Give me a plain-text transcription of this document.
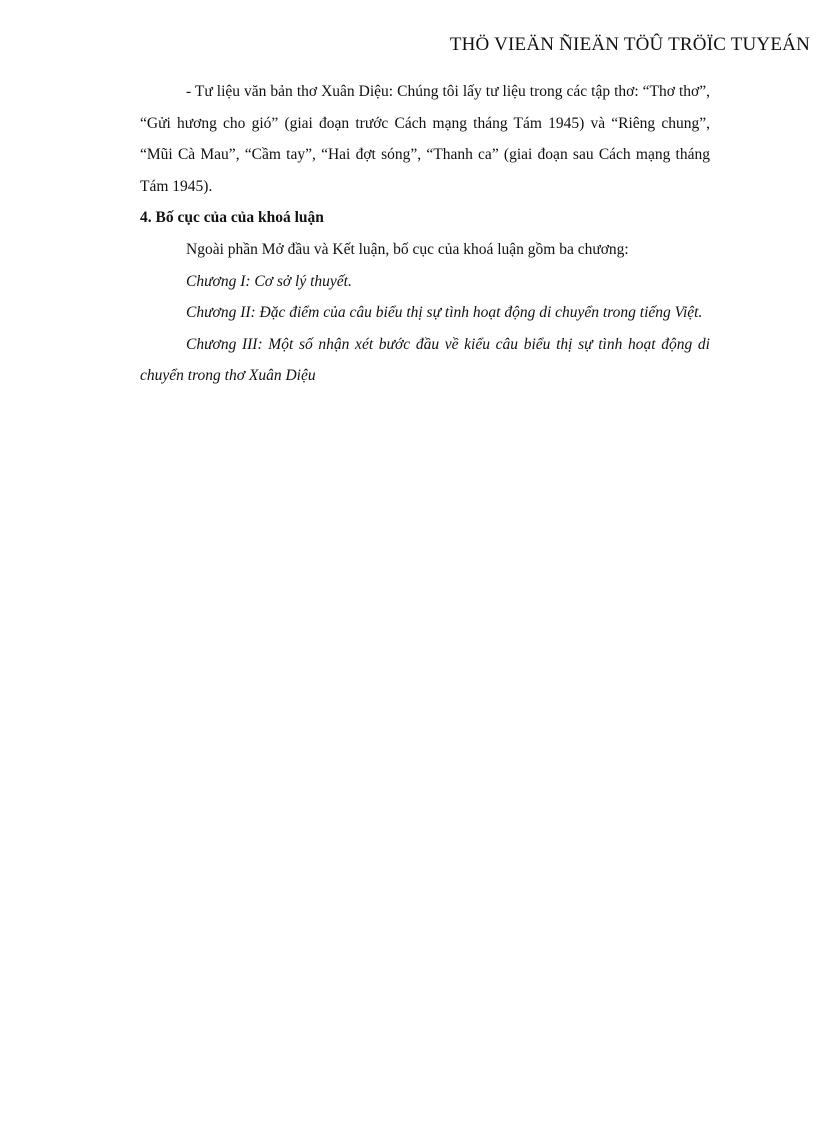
THÖ VIEÄN ÑIEÄN TÖÛ TRÖÏC TUYEÁN

- Tư liệu văn bản thơ Xuân Diệu: Chúng tôi lấy tư liệu trong các tập thơ: “Thơ thơ”, “Gửi hương cho gió” (giai đoạn trước Cách mạng tháng Tám 1945) và “Riêng chung”, “Mũi Cà Mau”, “Cầm tay”, “Hai đợt sóng”, “Thanh ca” (giai đoạn sau Cách mạng tháng Tám 1945).

4. Bố cục của của khoá luận

Ngoài phần Mở đầu và Kết luận, bố cục của khoá luận gồm ba chương:

Chương I: Cơ sở lý thuyết.

Chương II: Đặc điểm của câu biểu thị sự tình hoạt động di chuyển trong tiếng Việt.

Chương III: Một số nhận xét bước đầu về kiểu câu biểu thị sự tình hoạt động di chuyển trong thơ Xuân Diệu
